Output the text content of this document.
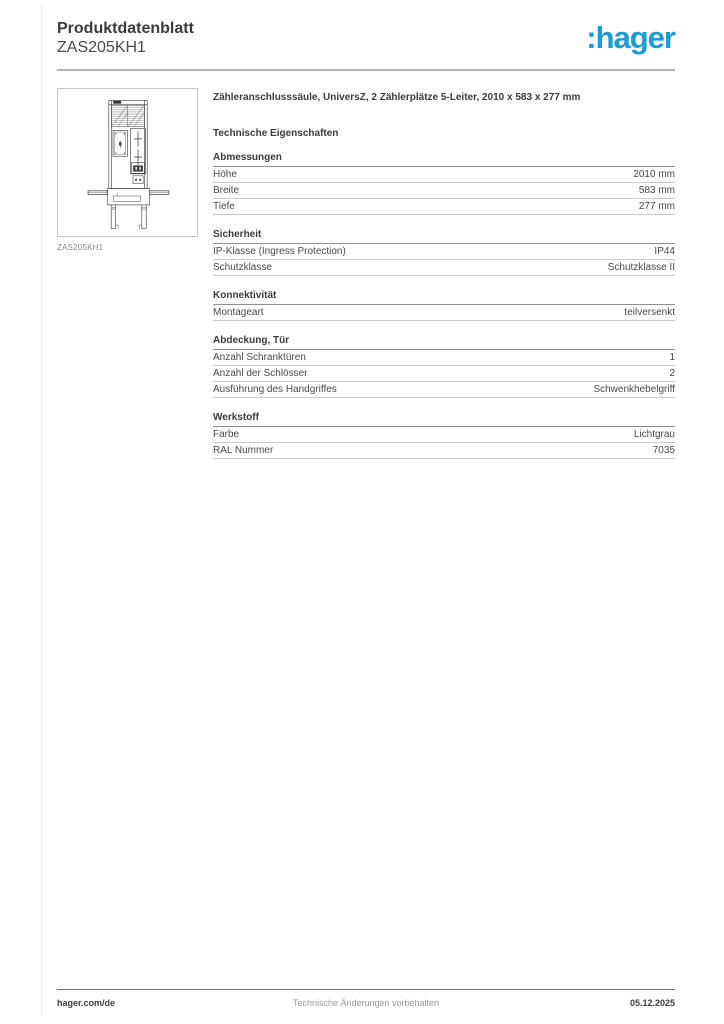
Produktdatenblatt
ZAS205KH1	:hager
ZAS205KH1
Zähleranschlusssäule, UniversZ, 2 Zählerplätze 5-Leiter, 2010 x 583 x 277 mm
Technische Eigenschaften
Abmessungen
Höhe	2010 mm
Breite	583 mm
Tiefe	277 mm
Sicherheit
IP-Klasse (Ingress Protection)	IP44
Schutzklasse	Schutzklasse II
Konnektivität
Montageart	teilversenkt
Abdeckung, Tür
Anzahl Schranktüren	1
Anzahl der Schlösser	2
Ausführung des Handgriffes	Schwenkhebelgriff
Werkstoff
Farbe	Lichtgrau
RAL Nummer	7035
hager.com/de	Technische Änderungen vorbehalten	05.12.2025
